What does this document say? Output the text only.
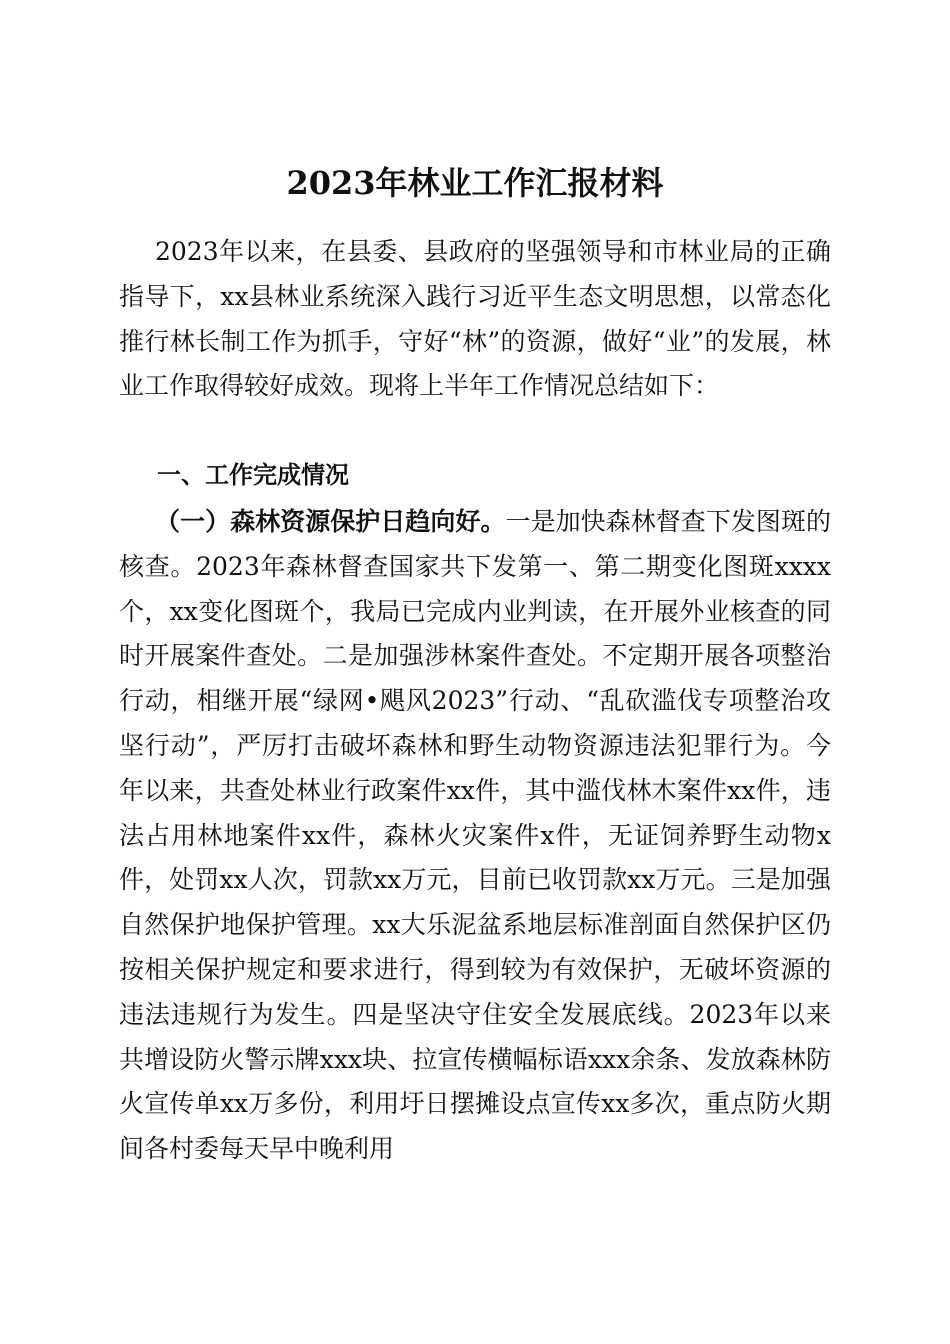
2023年林业工作汇报材料

2023年以来，在县委、县政府的坚强领导和市林业局的正确指导下，xx县林业系统深入践行习近平生态文明思想，以常态化推行林长制工作为抓手，守好“林”的资源，做好“业”的发展，林业工作取得较好成效。现将上半年工作情况总结如下：

一、工作完成情况

（一）森林资源保护日趋向好。一是加快森林督查下发图斑的核查。2023年森林督查国家共下发第一、第二期变化图斑xxxx个，xx变化图斑个，我局已完成内业判读，在开展外业核查的同时开展案件查处。二是加强涉林案件查处。不定期开展各项整治行动，相继开展“绿网•飓风2023”行动、“乱砍滥伐专项整治攻坚行动”，严厉打击破坏森林和野生动物资源违法犯罪行为。今年以来，共查处林业行政案件xx件，其中滥伐林木案件xx件，违法占用林地案件xx件，森林火灾案件x件，无证饲养野生动物x件，处罚xx人次，罚款xx万元，目前已收罚款xx万元。三是加强自然保护地保护管理。xx大乐泥盆系地层标准剖面自然保护区仍按相关保护规定和要求进行，得到较为有效保护，无破坏资源的违法违规行为发生。四是坚决守住安全发展底线。2023年以来共增设防火警示牌xxx块、拉宣传横幅标语xxx余条、发放森林防火宣传单xx万多份，利用圩日摆摊设点宣传xx多次，重点防火期间各村委每天早中晚利用
